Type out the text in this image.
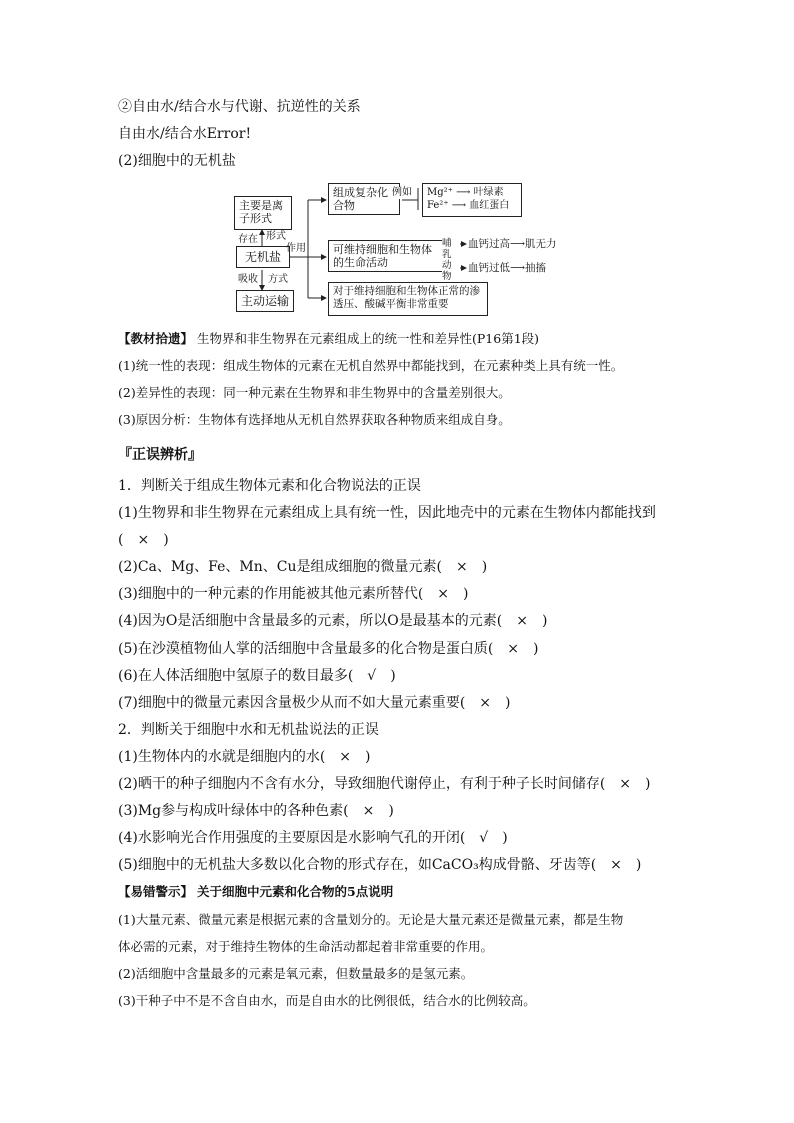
②自由水/结合水与代谢、抗逆性的关系
自由水/结合水Error!
(2)细胞中的无机盐
主要是离子形式
无机盐
主动运输
存在 形式
吸收 方式
作用
组成复杂化合物
例如 Mg²⁺ ⟶ 叶绿素
Fe²⁺ ⟶ 血红蛋白
可维持细胞和生物体的生命活动
哺乳动物
血钙过高⟶肌无力
血钙过低⟶抽搐
对于维持细胞和生物体正常的渗透压、酸碱平衡非常重要
【教材拾遗】 生物界和非生物界在元素组成上的统一性和差异性(P16第1段)
(1)统一性的表现：组成生物体的元素在无机自然界中都能找到，在元素种类上具有统一性。
(2)差异性的表现：同一种元素在生物界和非生物界中的含量差别很大。
(3)原因分析：生物体有选择地从无机自然界获取各种物质来组成自身。
『正误辨析』
1．判断关于组成生物体元素和化合物说法的正误
(1)生物界和非生物界在元素组成上具有统一性，因此地壳中的元素在生物体内都能找到
(　×　)
(2)Ca、Mg、Fe、Mn、Cu是组成细胞的微量元素(　×　)
(3)细胞中的一种元素的作用能被其他元素所替代(　×　)
(4)因为O是活细胞中含量最多的元素，所以O是最基本的元素(　×　)
(5)在沙漠植物仙人掌的活细胞中含量最多的化合物是蛋白质(　×　)
(6)在人体活细胞中氢原子的数目最多(　√　)
(7)细胞中的微量元素因含量极少从而不如大量元素重要(　×　)
2．判断关于细胞中水和无机盐说法的正误
(1)生物体内的水就是细胞内的水(　×　)
(2)晒干的种子细胞内不含有水分，导致细胞代谢停止，有利于种子长时间储存(　×　)
(3)Mg参与构成叶绿体中的各种色素(　×　)
(4)水影响光合作用强度的主要原因是水影响气孔的开闭(　√　)
(5)细胞中的无机盐大多数以化合物的形式存在，如CaCO₃构成骨骼、牙齿等(　×　)
【易错警示】 关于细胞中元素和化合物的5点说明
(1)大量元素、微量元素是根据元素的含量划分的。无论是大量元素还是微量元素，都是生物
体必需的元素，对于维持生物体的生命活动都起着非常重要的作用。
(2)活细胞中含量最多的元素是氧元素，但数量最多的是氢元素。
(3)干种子中不是不含自由水，而是自由水的比例很低，结合水的比例较高。
